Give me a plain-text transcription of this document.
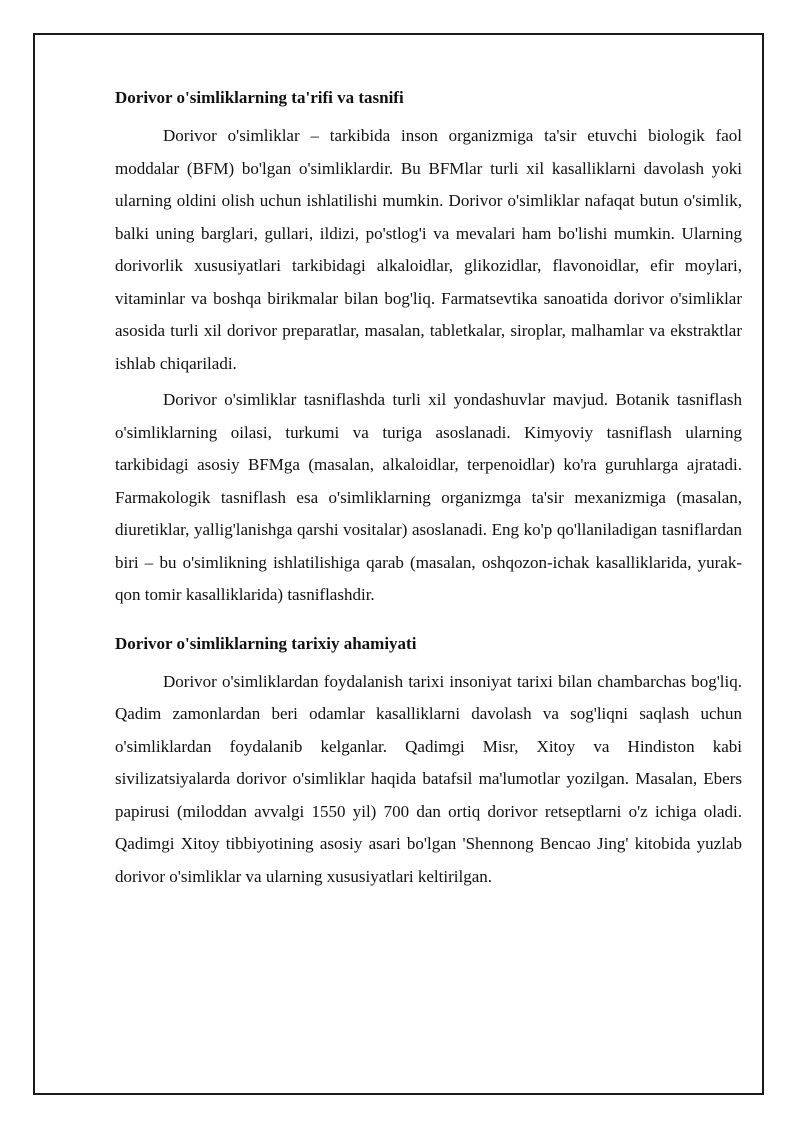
Dorivor o'simliklarning ta'rifi va tasnifi

Dorivor o'simliklar – tarkibida inson organizmiga ta'sir etuvchi biologik faol moddalar (BFM) bo'lgan o'simliklardir. Bu BFMlar turli xil kasalliklarni davolash yoki ularning oldini olish uchun ishlatilishi mumkin. Dorivor o'simliklar nafaqat butun o'simlik, balki uning barglari, gullari, ildizi, po'stlog'i va mevalari ham bo'lishi mumkin. Ularning dorivorlik xususiyatlari tarkibidagi alkaloidlar, glikozidlar, flavonoidlar, efir moylari, vitaminlar va boshqa birikmalar bilan bog'liq. Farmatsevtika sanoatida dorivor o'simliklar asosida turli xil dorivor preparatlar, masalan, tabletkalar, siroplar, malhamlar va ekstraktlar ishlab chiqariladi.

Dorivor o'simliklar tasniflashda turli xil yondashuvlar mavjud. Botanik tasniflash o'simliklarning oilasi, turkumi va turiga asoslanadi. Kimyoviy tasniflash ularning tarkibidagi asosiy BFMga (masalan, alkaloidlar, terpenoidlar) ko'ra guruhlarga ajratadi. Farmakologik tasniflash esa o'simliklarning organizmga ta'sir mexanizmiga (masalan, diuretiklar, yallig'lanishga qarshi vositalar) asoslanadi. Eng ko'p qo'llaniladigan tasniflardan biri – bu o'simlikning ishlatilishiga qarab (masalan, oshqozon-ichak kasalliklarida, yurak-qon tomir kasalliklarida) tasniflashdir.

Dorivor o'simliklarning tarixiy ahamiyati

Dorivor o'simliklardan foydalanish tarixi insoniyat tarixi bilan chambarchas bog'liq. Qadim zamonlardan beri odamlar kasalliklarni davolash va sog'liqni saqlash uchun o'simliklardan foydalanib kelganlar. Qadimgi Misr, Xitoy va Hindiston kabi sivilizatsiyalarda dorivor o'simliklar haqida batafsil ma'lumotlar yozilgan. Masalan, Ebers papirusi (miloddan avvalgi 1550 yil) 700 dan ortiq dorivor retseptlarni o'z ichiga oladi. Qadimgi Xitoy tibbiyotining asosiy asari bo'lgan 'Shennong Bencao Jing' kitobida yuzlab dorivor o'simliklar va ularning xususiyatlari keltirilgan.
